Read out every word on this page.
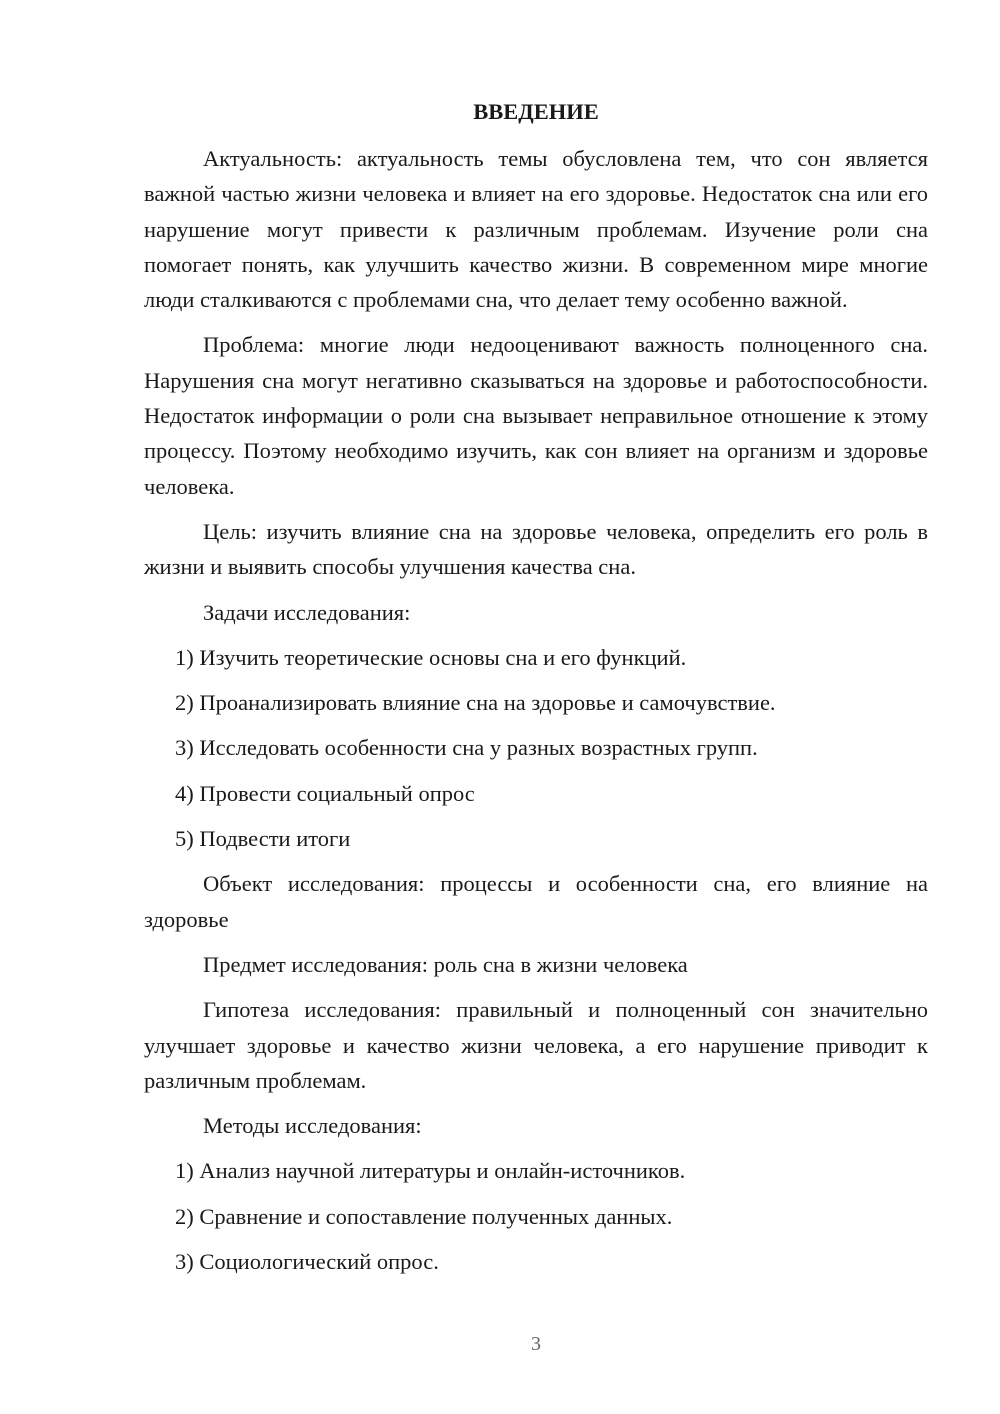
ВВЕДЕНИЕ

Актуальность: актуальность темы обусловлена тем, что сон является важной частью жизни человека и влияет на его здоровье. Недостаток сна или его нарушение могут привести к различным проблемам. Изучение роли сна помогает понять, как улучшить качество жизни. В современном мире многие люди сталкиваются с проблемами сна, что делает тему особенно важной.

Проблема: многие люди недооценивают важность полноценного сна. Нарушения сна могут негативно сказываться на здоровье и работоспособности. Недостаток информации о роли сна вызывает неправильное отношение к этому процессу. Поэтому необходимо изучить, как сон влияет на организм и здоровье человека.

Цель: изучить влияние сна на здоровье человека, определить его роль в жизни и выявить способы улучшения качества сна.

Задачи исследования:

1) Изучить теоретические основы сна и его функций.
2) Проанализировать влияние сна на здоровье и самочувствие.
3) Исследовать особенности сна у разных возрастных групп.
4) Провести социальный опрос
5) Подвести итоги

Объект исследования: процессы и особенности сна, его влияние на здоровье

Предмет исследования: роль сна в жизни человека

Гипотеза исследования: правильный и полноценный сон значительно улучшает здоровье и качество жизни человека, а его нарушение приводит к различным проблемам.

Методы исследования:

1) Анализ научной литературы и онлайн-источников.
2) Сравнение и сопоставление полученных данных.
3) Социологический опрос.
3
